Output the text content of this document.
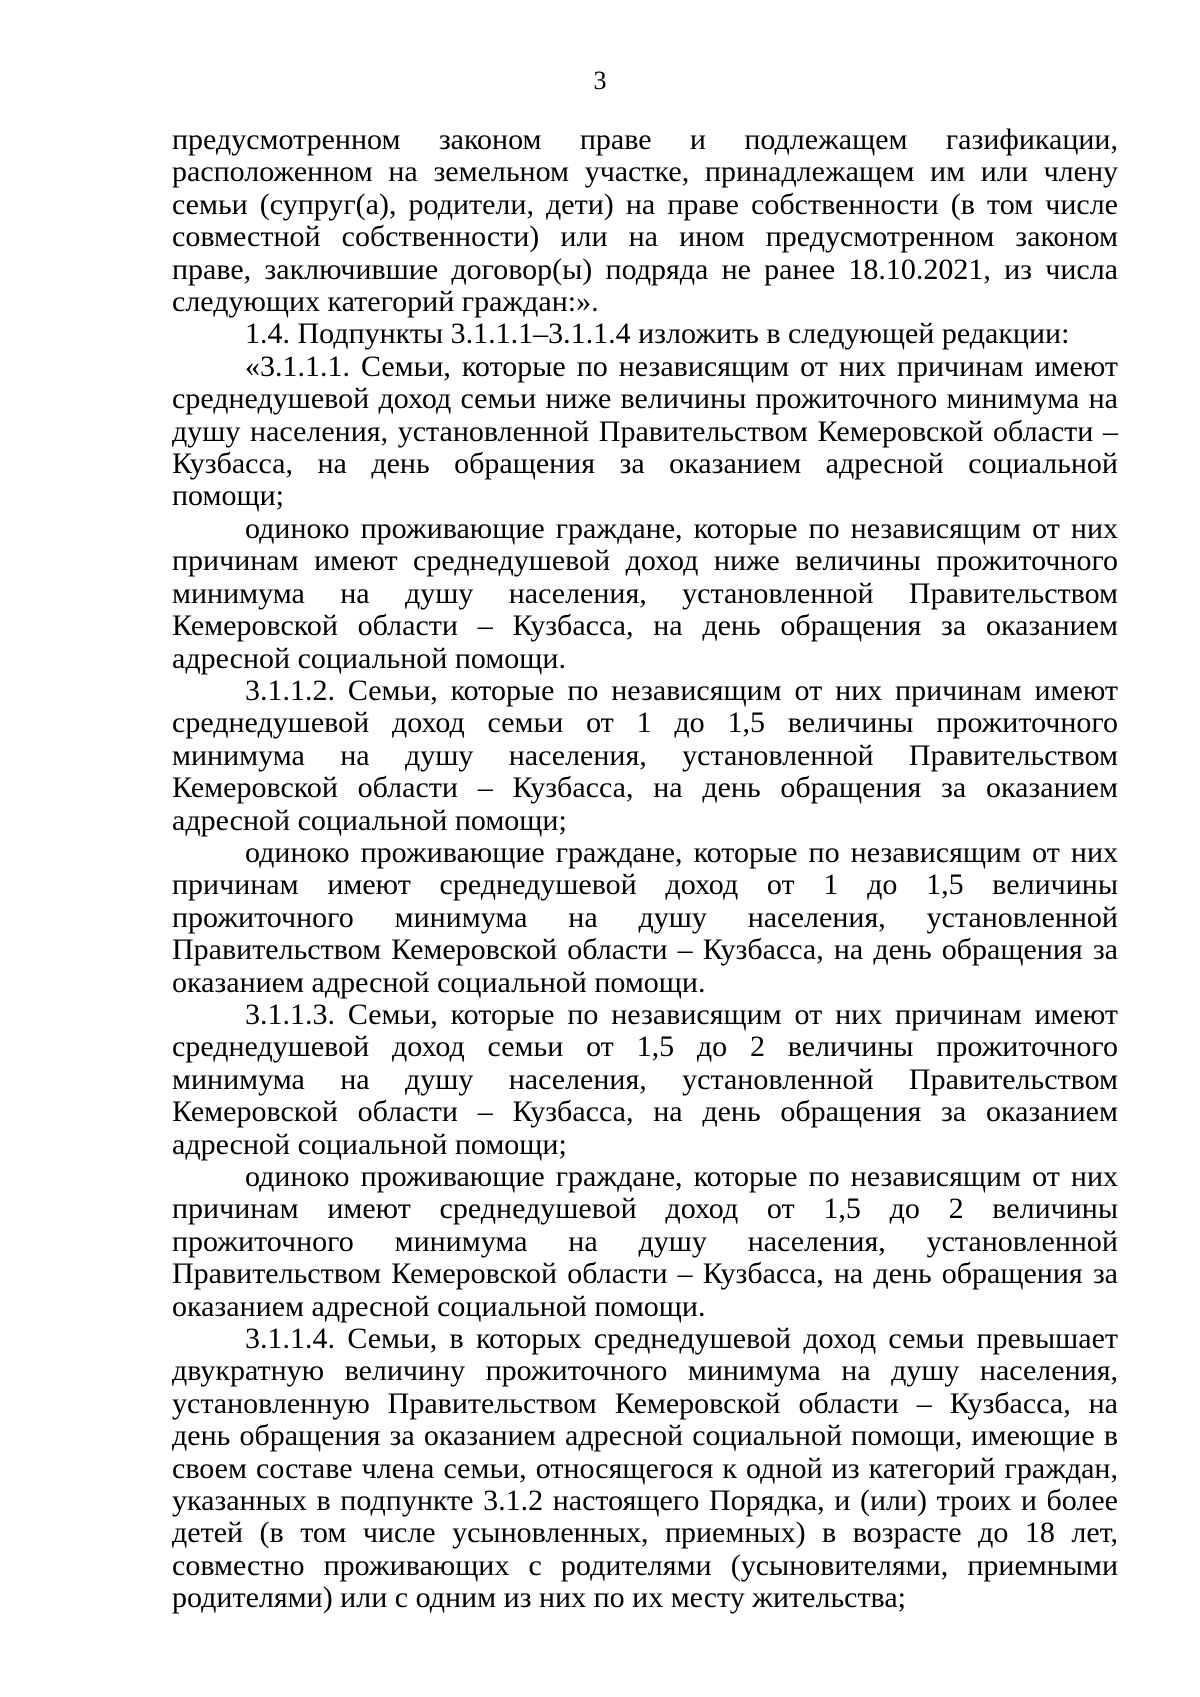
3

предусмотренном законом праве и подлежащем газификации, расположенном на земельном участке, принадлежащем им или члену семьи (супруг(а), родители, дети) на праве собственности (в том числе совместной собственности) или на ином предусмотренном законом праве, заключившие договор(ы) подряда не ранее 18.10.2021, из числа следующих категорий граждан:».

1.4. Подпункты 3.1.1.1–3.1.1.4 изложить в следующей редакции:

«3.1.1.1. Семьи, которые по независящим от них причинам имеют среднедушевой доход семьи ниже величины прожиточного минимума на душу населения, установленной Правительством Кемеровской области – Кузбасса, на день обращения за оказанием адресной социальной помощи;

одиноко проживающие граждане, которые по независящим от них причинам имеют среднедушевой доход ниже величины прожиточного минимума на душу населения, установленной Правительством Кемеровской области – Кузбасса, на день обращения за оказанием адресной социальной помощи.

3.1.1.2. Семьи, которые по независящим от них причинам имеют среднедушевой доход семьи от 1 до 1,5 величины прожиточного минимума на душу населения, установленной Правительством Кемеровской области – Кузбасса, на день обращения за оказанием адресной социальной помощи;

одиноко проживающие граждане, которые по независящим от них причинам имеют среднедушевой доход от 1 до 1,5 величины прожиточного минимума на душу населения, установленной Правительством Кемеровской области – Кузбасса, на день обращения за оказанием адресной социальной помощи.

3.1.1.3. Семьи, которые по независящим от них причинам имеют среднедушевой доход семьи от 1,5 до 2 величины прожиточного минимума на душу населения, установленной Правительством Кемеровской области – Кузбасса, на день обращения за оказанием адресной социальной помощи;

одиноко проживающие граждане, которые по независящим от них причинам имеют среднедушевой доход от 1,5 до 2 величины прожиточного минимума на душу населения, установленной Правительством Кемеровской области – Кузбасса, на день обращения за оказанием адресной социальной помощи.

3.1.1.4. Семьи, в которых среднедушевой доход семьи превышает двукратную величину прожиточного минимума на душу населения, установленную Правительством Кемеровской области – Кузбасса, на день обращения за оказанием адресной социальной помощи, имеющие в своем составе члена семьи, относящегося к одной из категорий граждан, указанных в подпункте 3.1.2 настоящего Порядка, и (или) троих и более детей (в том числе усыновленных, приемных) в возрасте до 18 лет, совместно проживающих с родителями (усыновителями, приемными родителями) или с одним из них по их месту жительства;
